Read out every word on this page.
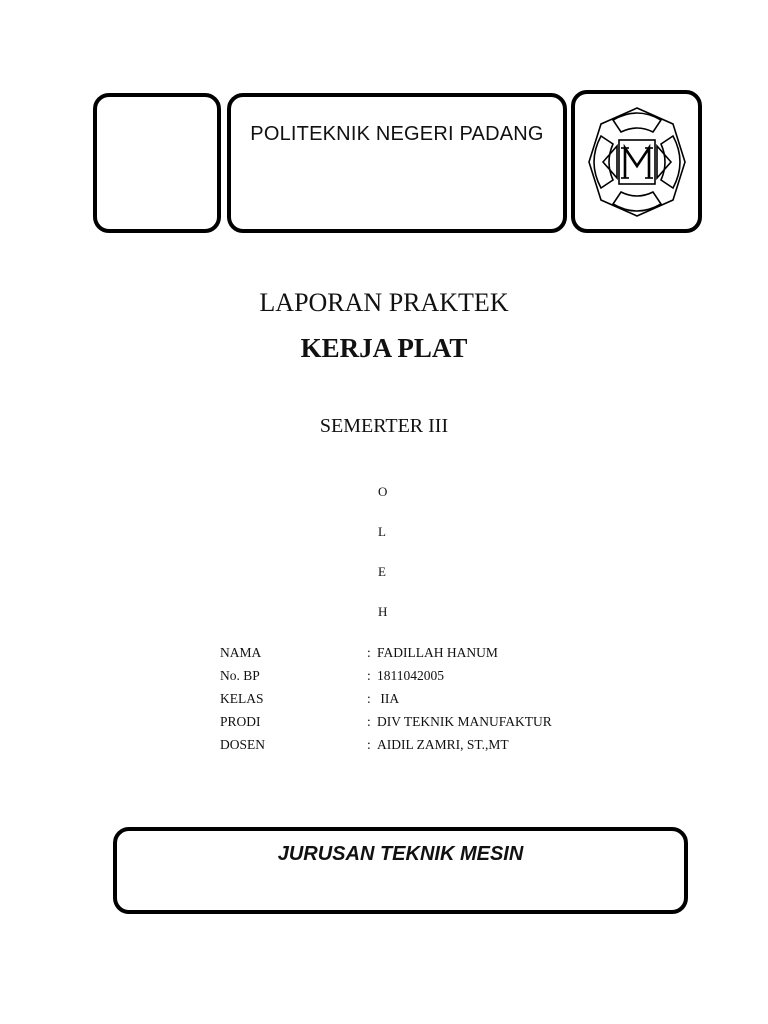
POLITEKNIK NEGERI PADANG
LAPORAN PRAKTEK
KERJA PLAT
SEMERTER III
O
L
E
H
NAMA	: FADILLAH HANUM
No. BP	: 1811042005
KELAS	: IIA
PRODI	: DIV TEKNIK MANUFAKTUR
DOSEN	: AIDIL ZAMRI, ST.,MT
JURUSAN TEKNIK MESIN
